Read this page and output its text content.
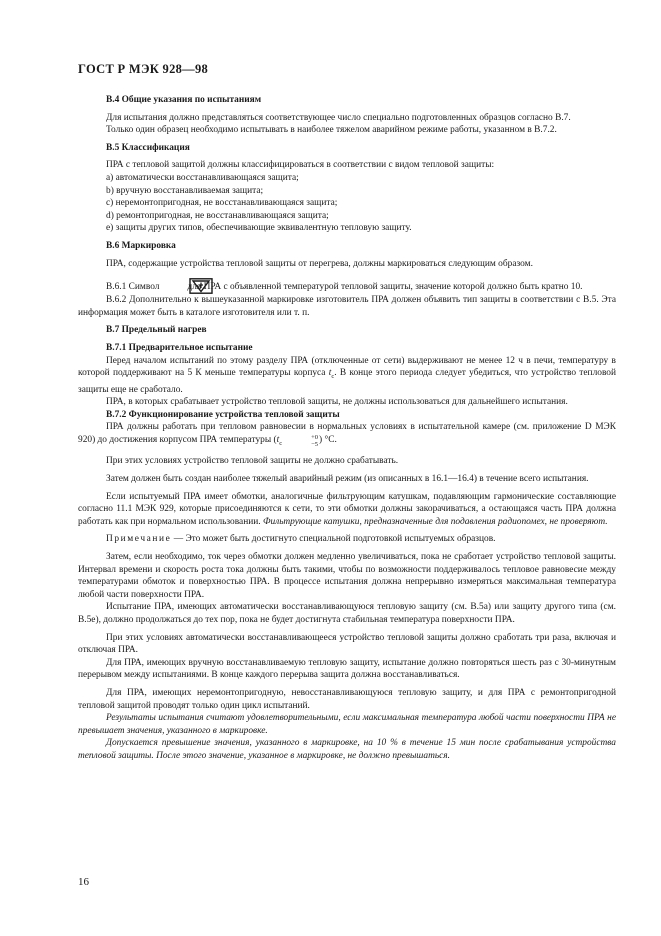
ГОСТ Р МЭК 928—98

В.4 Общие указания по испытаниям

Для испытания должно представляться соответствующее число специально подготовленных образцов согласно В.7.

Только один образец необходимо испытывать в наиболее тяжелом аварийном режиме работы, указанном в В.7.2.

В.5 Классификация

ПРА с тепловой защитой должны классифицироваться в соответствии с видом тепловой защиты:

а) автоматически восстанавливающаяся защита;

b) вручную восстанавливаемая защита;

c) неремонтопригодная, не восстанавливающаяся защита;

d) ремонтопригодная, не восстанавливающаяся защита;

е) защиты других типов, обеспечивающие эквивалентную тепловую защиту.

В.6 Маркировка

ПРА, содержащие устройства тепловой защиты от перегрева, должны маркироваться следующим образом.

В.6.1 Символ	для ПРА с объявленной температурой тепловой защиты, значение которой должно быть кратно 10.

В.6.2 Дополнительно к вышеуказанной маркировке изготовитель ПРА должен объявить тип защиты в соответствии с В.5. Эта информация может быть в каталоге изготовителя или т. п.

В.7 Предельный нагрев

В.7.1 Предварительное испытание

Перед началом испытаний по этому разделу ПРА (отключенные от сети) выдерживают не менее 12 ч в печи, температуру в которой поддерживают на 5 К меньше температуры корпуса $t_c$. В конце этого периода следует убедиться, что устройство тепловой защиты еще не сработало.

ПРА, в которых срабатывает устройство тепловой защиты, не должны использоваться для дальнейшего испытания.

В.7.2 Функционирование устройства тепловой защиты

ПРА должны работать при тепловом равновесии в нормальных условиях в испытательной камере (см. приложение D МЭК 920) до достижения корпусом ПРА температуры ($t_c$
+0
−5 ) °С.

При этих условиях устройство тепловой защиты не должно срабатывать.

Затем должен быть создан наиболее тяжелый аварийный режим (из описанных в 16.1—16.4) в течение всего испытания.

Если испытуемый ПРА имеет обмотки, аналогичные фильтрующим катушкам, подавляющим гармонические составляющие согласно 11.1 МЭК 929, которые присоединяются к сети, то эти обмотки должны закорачиваться, а остающаяся часть ПРА должна работать как при нормальном использовании. Фильтрующие катушки, предназначенные для подавления радиопомех, не проверяют.

Примечание — Это может быть достигнуто специальной подготовкой испытуемых образцов.

Затем, если необходимо, ток через обмотки должен медленно увеличиваться, пока не сработает устройство тепловой защиты. Интервал времени и скорость роста тока должны быть такими, чтобы по возможности поддерживалось тепловое равновесие между температурами обмоток и поверхностью ПРА. В процессе испытания должна непрерывно измеряться максимальная температура любой части поверхности ПРА.

Испытание ПРА, имеющих автоматически восстанавливающуюся тепловую защиту (см. В.5а) или защиту другого типа (см. В.5е), должно продолжаться до тех пор, пока не будет достигнута стабильная температура поверхности ПРА.

При этих условиях автоматически восстанавливающееся устройство тепловой защиты должно сработать три раза, включая и отключая ПРА.

Для ПРА, имеющих вручную восстанавливаемую тепловую защиту, испытание должно повторяться шесть раз с 30-минутным перерывом между испытаниями. В конце каждого перерыва защита должна восстанавливаться.

Для ПРА, имеющих неремонтопригодную, невосстанавливающуюся тепловую защиту, и для ПРА с ремонтопригодной тепловой защитой проводят только один цикл испытаний.

Результаты испытания считают удовлетворительными, если максимальная температура любой части поверхности ПРА не превышает значения, указанного в маркировке.

Допускается превышение значения, указанного в маркировке, на 10 % в течение 15 мин после срабатывания устройства тепловой защиты. После этого значение, указанное в маркировке, не должно превышаться.

16
